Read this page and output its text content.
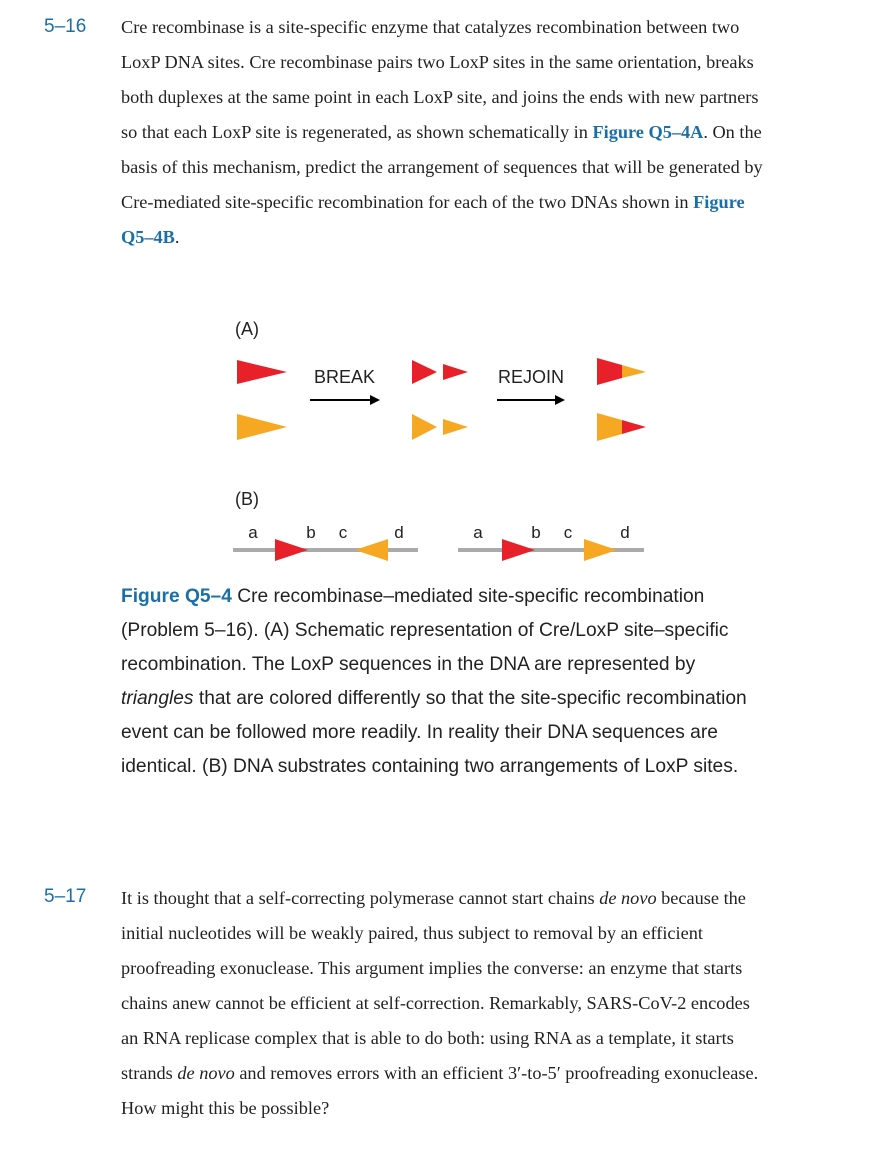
5–16 Cre recombinase is a site-specific enzyme that catalyzes recombination between two LoxP DNA sites. Cre recombinase pairs two LoxP sites in the same orientation, breaks both duplexes at the same point in each LoxP site, and joins the ends with new partners so that each LoxP site is regenerated, as shown schematically in Figure Q5–4A. On the basis of this mechanism, predict the arrangement of sequences that will be generated by Cre-mediated site-specific recombination for each of the two DNAs shown in Figure Q5–4B.
(A)
BREAK	REJOIN
(B)
a	b c	d	a	b c	d
Figure Q5–4 Cre recombinase–mediated site-specific recombination (Problem 5–16). (A) Schematic representation of Cre/LoxP site–specific recombination. The LoxP sequences in the DNA are represented by triangles that are colored differently so that the site-specific recombination event can be followed more readily. In reality their DNA sequences are identical. (B) DNA substrates containing two arrangements of LoxP sites.
5–17 It is thought that a self-correcting polymerase cannot start chains de novo because the initial nucleotides will be weakly paired, thus subject to removal by an efficient proofreading exonuclease. This argument implies the converse: an enzyme that starts chains anew cannot be efficient at self-correction. Remarkably, SARS-CoV-2 encodes an RNA replicase complex that is able to do both: using RNA as a template, it starts strands de novo and removes errors with an efficient 3′-to-5′ proofreading exonuclease. How might this be possible?
